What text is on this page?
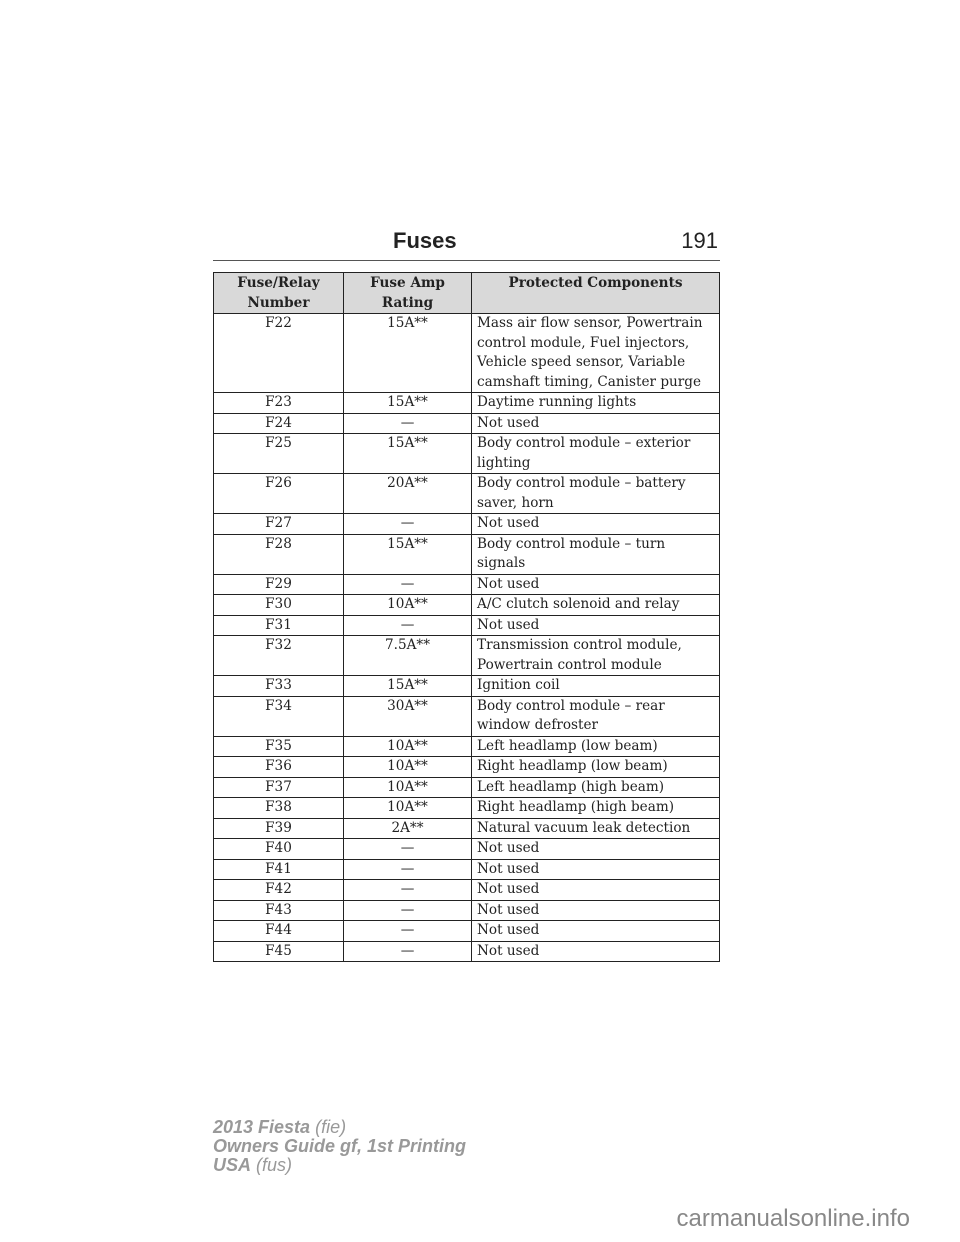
Fuses	191
Fuse/Relay Number	Fuse Amp Rating	Protected Components
F22	15A**	Mass air flow sensor, Powertrain control module, Fuel injectors, Vehicle speed sensor, Variable camshaft timing, Canister purge
F23	15A**	Daytime running lights
F24	—	Not used
F25	15A**	Body control module – exterior lighting
F26	20A**	Body control module – battery saver, horn
F27	—	Not used
F28	15A**	Body control module – turn signals
F29	—	Not used
F30	10A**	A/C clutch solenoid and relay
F31	—	Not used
F32	7.5A**	Transmission control module, Powertrain control module
F33	15A**	Ignition coil
F34	30A**	Body control module – rear window defroster
F35	10A**	Left headlamp (low beam)
F36	10A**	Right headlamp (low beam)
F37	10A**	Left headlamp (high beam)
F38	10A**	Right headlamp (high beam)
F39	2A**	Natural vacuum leak detection
F40	—	Not used
F41	—	Not used
F42	—	Not used
F43	—	Not used
F44	—	Not used
F45	—	Not used
2013 Fiesta (fie)
Owners Guide gf, 1st Printing
USA (fus)
carmanualsonline.info
